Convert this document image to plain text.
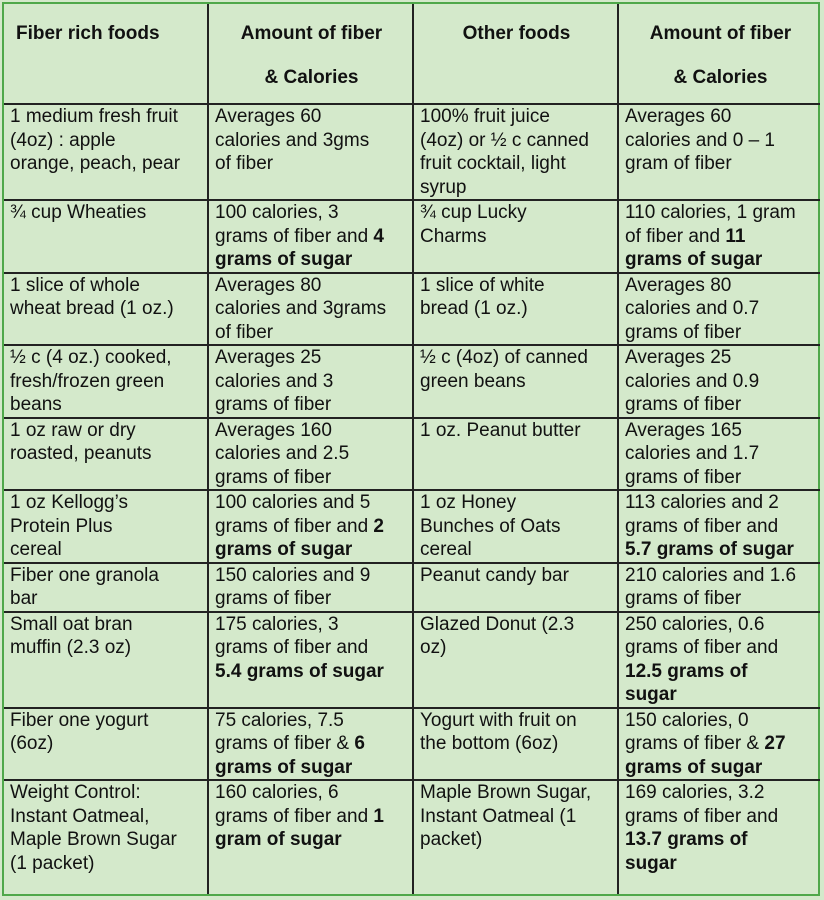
Fiber rich foods	Amount of fiber
& Calories	Other foods	Amount of fiber
& Calories

1 medium fresh fruit
(4oz) : apple
orange, peach, pear	Averages 60
calories and 3gms
of fiber	100% fruit juice
(4oz) or ½ c canned
fruit cocktail, light
syrup	Averages 60
calories and 0 – 1
gram of fiber

¾ cup Wheaties	100 calories, 3
grams of fiber and 4
grams of sugar	¾ cup Lucky
Charms	110 calories, 1 gram
of fiber and 11
grams of sugar

1 slice of whole
wheat bread (1 oz.)	Averages 80
calories and 3grams
of fiber	1 slice of white
bread (1 oz.)	Averages 80
calories and 0.7
grams of fiber

½ c (4 oz.) cooked,
fresh/frozen green
beans	Averages 25
calories and 3
grams of fiber	½ c (4oz) of canned
green beans	Averages 25
calories and 0.9
grams of fiber

1 oz raw or dry
roasted, peanuts	Averages 160
calories and 2.5
grams of fiber	1 oz. Peanut butter	Averages 165
calories and 1.7
grams of fiber

1 oz Kellogg’s
Protein Plus
cereal	100 calories and 5
grams of fiber and 2
grams of sugar	1 oz Honey
Bunches of Oats
cereal	113 calories and 2
grams of fiber and
5.7 grams of sugar

Fiber one granola
bar	150 calories and 9
grams of fiber	Peanut candy bar	210 calories and 1.6
grams of fiber

Small oat bran
muffin (2.3 oz)	175 calories, 3
grams of fiber and
5.4 grams of sugar	Glazed Donut (2.3
oz)	250 calories, 0.6
grams of fiber and
12.5 grams of
sugar

Fiber one yogurt
(6oz)	75 calories, 7.5
grams of fiber & 6
grams of sugar	Yogurt with fruit on
the bottom (6oz)	150 calories, 0
grams of fiber & 27
grams of sugar

Weight Control:
Instant Oatmeal,
Maple Brown Sugar
(1 packet)	160 calories, 6
grams of fiber and 1
gram of sugar	Maple Brown Sugar,
Instant Oatmeal (1
packet)	169 calories, 3.2
grams of fiber and
13.7 grams of
sugar
